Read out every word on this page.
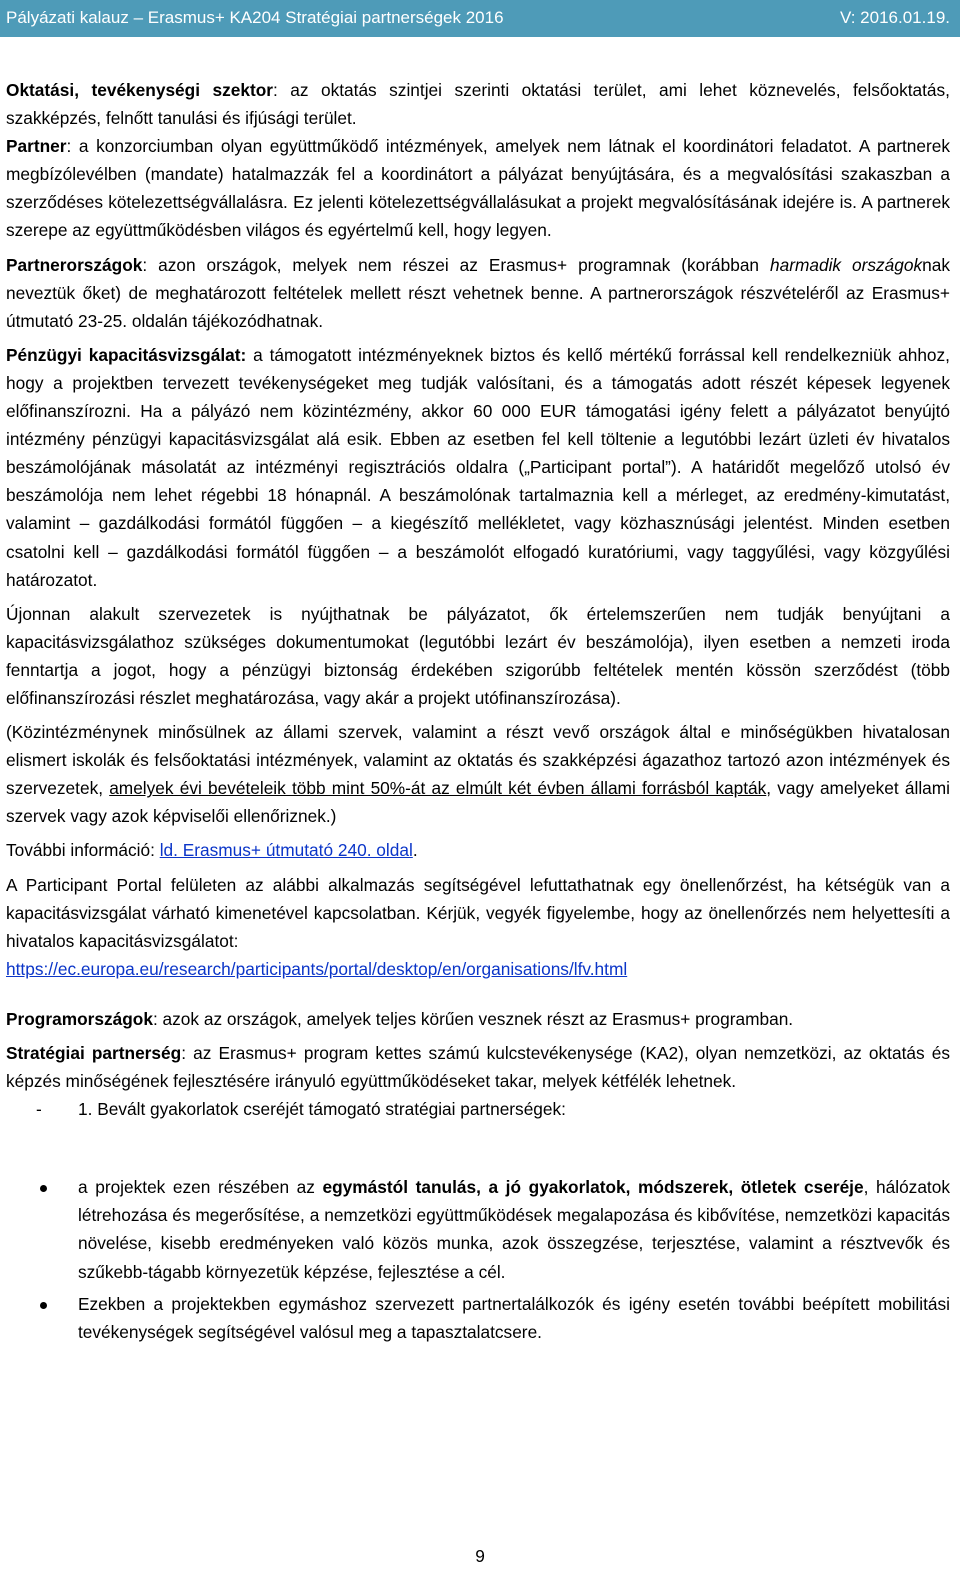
Pályázati kalauz – Erasmus+ KA204 Stratégiai partnerségek 2016	V: 2016.01.19.

Oktatási, tevékenységi szektor: az oktatás szintjei szerinti oktatási terület, ami lehet köznevelés, felsőoktatás, szakképzés, felnőtt tanulási és ifjúsági terület.

Partner: a konzorciumban olyan együttműködő intézmények, amelyek nem látnak el koordinátori feladatot. A partnerek megbízólevélben (mandate) hatalmazzák fel a koordinátort a pályázat benyújtására, és a megvalósítási szakaszban a szerződéses kötelezettségvállalásra. Ez jelenti kötelezettségvállalásukat a projekt megvalósításának idejére is. A partnerek szerepe az együttműködésben világos és egyértelmű kell, hogy legyen.

Partnerországok: azon országok, melyek nem részei az Erasmus+ programnak (korábban harmadik országoknak neveztük őket) de meghatározott feltételek mellett részt vehetnek benne. A partnerországok részvételéről az Erasmus+ útmutató 23-25. oldalán tájékozódhatnak.

Pénzügyi kapacitásvizsgálat: a támogatott intézményeknek biztos és kellő mértékű forrással kell rendelkezniük ahhoz, hogy a projektben tervezett tevékenységeket meg tudják valósítani, és a támogatás adott részét képesek legyenek előfinanszírozni. Ha a pályázó nem közintézmény, akkor 60 000 EUR támogatási igény felett a pályázatot benyújtó intézmény pénzügyi kapacitásvizsgálat alá esik. Ebben az esetben fel kell töltenie a legutóbbi lezárt üzleti év hivatalos beszámolójának másolatát az intézményi regisztrációs oldalra („Participant portal”). A határidőt megelőző utolsó év beszámolója nem lehet régebbi 18 hónapnál. A beszámolónak tartalmaznia kell a mérleget, az eredmény-kimutatást, valamint – gazdálkodási formától függően – a kiegészítő mellékletet, vagy közhasznúsági jelentést. Minden esetben csatolni kell – gazdálkodási formától függően – a beszámolót elfogadó kuratóriumi, vagy taggyűlési, vagy közgyűlési határozatot.

Újonnan alakult szervezetek is nyújthatnak be pályázatot, ők értelemszerűen nem tudják benyújtani a kapacitásvizsgálathoz szükséges dokumentumokat (legutóbbi lezárt év beszámolója), ilyen esetben a nemzeti iroda fenntartja a jogot, hogy a pénzügyi biztonság érdekében szigorúbb feltételek mentén kössön szerződést (több előfinanszírozási részlet meghatározása, vagy akár a projekt utófinanszírozása).

(Közintézménynek minősülnek az állami szervek, valamint a részt vevő országok által e minőségükben hivatalosan elismert iskolák és felsőoktatási intézmények, valamint az oktatás és szakképzési ágazathoz tartozó azon intézmények és szervezetek, amelyek évi bevételeik több mint 50%-át az elmúlt két évben állami forrásból kapták, vagy amelyeket állami szervek vagy azok képviselői ellenőriznek.)

További információ: ld. Erasmus+ útmutató 240. oldal.

A Participant Portal felületen az alábbi alkalmazás segítségével lefuttathatnak egy önellenőrzést, ha kétségük van a kapacitásvizsgálat várható kimenetével kapcsolatban. Kérjük, vegyék figyelembe, hogy az önellenőrzés nem helyettesíti a hivatalos kapacitásvizsgálatot:
https://ec.europa.eu/research/participants/portal/desktop/en/organisations/lfv.html

Programországok: azok az országok, amelyek teljes körűen vesznek részt az Erasmus+ programban.

Stratégiai partnerség: az Erasmus+ program kettes számú kulcstevékenysége (KA2), olyan nemzetközi, az oktatás és képzés minőségének fejlesztésére irányuló együttműködéseket takar, melyek kétfélék lehetnek.

- 1. Bevált gyakorlatok cseréjét támogató stratégiai partnerségek:
a projektek ezen részében az egymástól tanulás, a jó gyakorlatok, módszerek, ötletek cseréje, hálózatok létrehozása és megerősítése, a nemzetközi együttműködések megalapozása és kibővítése, nemzetközi kapacitás növelése, kisebb eredményeken való közös munka, azok összegzése, terjesztése, valamint a résztvevők és szűkebb-tágabb környezetük képzése, fejlesztése a cél.
Ezekben a projektekben egymáshoz szervezett partnertalálkozók és igény esetén további beépített mobilitási tevékenységek segítségével valósul meg a tapasztalatcsere.
9
